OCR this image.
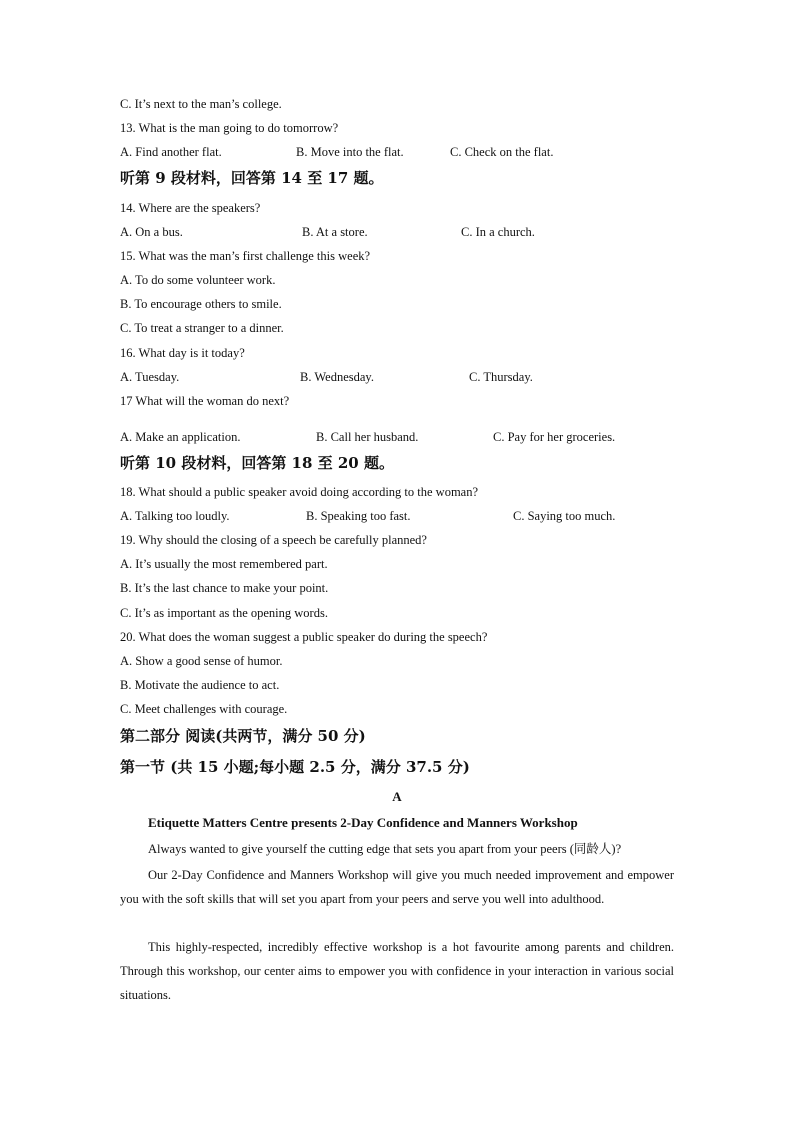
C. It’s next to the man’s college.
13. What is the man going to do tomorrow?
A. Find another flat.	B. Move into the flat.	C. Check on the flat.
听第 9 段材料，回答第 14 至 17 题。
14. Where are the speakers?
A. On a bus.	B. At a store.	C. In a church.
15. What was the man’s first challenge this week?
A. To do some volunteer work.
B. To encourage others to smile.
C. To treat a stranger to a dinner.
16. What day is it today?
A. Tuesday.	B. Wednesday.	C. Thursday.
17 What will the woman do next?
A. Make an application.	B. Call her husband.	C. Pay for her groceries.
听第 10 段材料，回答第 18 至 20 题。
18. What should a public speaker avoid doing according to the woman?
A. Talking too loudly.	B. Speaking too fast.	C. Saying too much.
19. Why should the closing of a speech be carefully planned?
A. It’s usually the most remembered part.
B. It’s the last chance to make your point.
C. It’s as important as the opening words.
20. What does the woman suggest a public speaker do during the speech?
A. Show a good sense of humor.
B. Motivate the audience to act.
C. Meet challenges with courage.
第二部分 阅读(共两节，满分 50 分)
第一节 (共 15 小题;每小题 2.5 分，满分 37.5 分)
A
Etiquette Matters Centre presents 2-Day Confidence and Manners Workshop
Always wanted to give yourself the cutting edge that sets you apart from your peers (同龄人)?
Our 2-Day Confidence and Manners Workshop will give you much needed improvement and empower you with the soft skills that will set you apart from your peers and serve you well into adulthood.
This highly-respected, incredibly effective workshop is a hot favourite among parents and children. Through this workshop, our center aims to empower you with confidence in your interaction in various social situations.
